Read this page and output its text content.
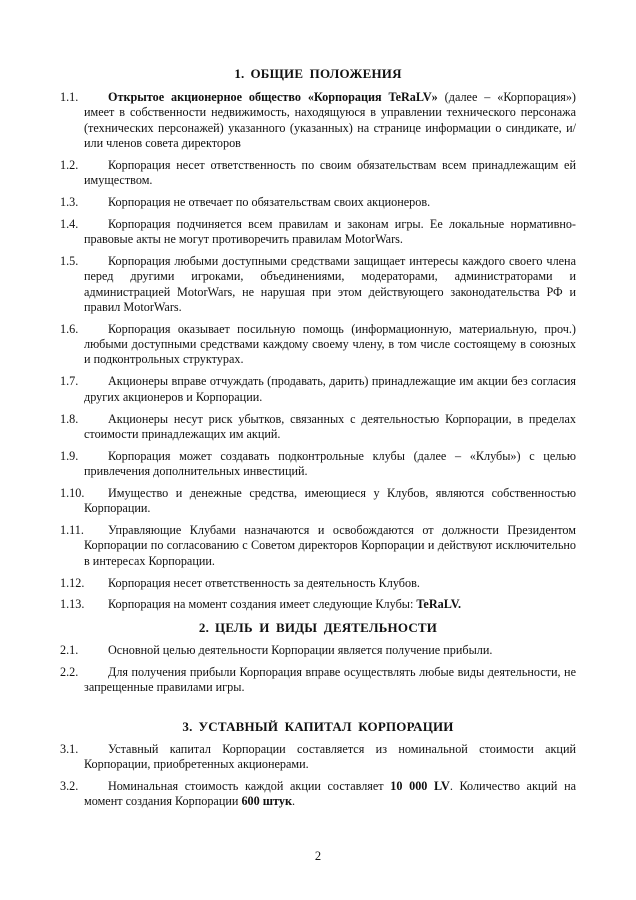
1. ОБЩИЕ ПОЛОЖЕНИЯ
1.1.	Открытое акционерное общество «Корпорация TeRaLV» (далее – «Корпорация») имеет в собственности недвижимость, находящуюся в управлении технического персонажа (технических персонажей) указанного (указанных) на странице информации о синдикате, и/или членов совета директоров
1.2.	Корпорация несет ответственность по своим обязательствам всем принадлежащим ей имуществом.
1.3.	Корпорация не отвечает по обязательствам своих акционеров.
1.4.	Корпорация подчиняется всем правилам и законам игры. Ее локальные нормативно-правовые акты не могут противоречить правилам MotorWars.
1.5.	Корпорация любыми доступными средствами защищает интересы каждого своего члена перед другими игроками, объединениями, модераторами, администраторами и администрацией MotorWars, не нарушая при этом действующего законодательства РФ и правил MotorWars.
1.6.	Корпорация оказывает посильную помощь (информационную, материальную, проч.) любыми доступными средствами каждому своему члену, в том числе состоящему в союзных и подконтрольных структурах.
1.7.	Акционеры вправе отчуждать (продавать, дарить) принадлежащие им акции без согласия других акционеров и Корпорации.
1.8.	Акционеры несут риск убытков, связанных с деятельностью Корпорации, в пределах стоимости принадлежащих им акций.
1.9.	Корпорация может создавать подконтрольные клубы (далее – «Клубы») с целью привлечения дополнительных инвестиций.
1.10.	Имущество и денежные средства, имеющиеся у Клубов, являются собственностью Корпорации.
1.11.	Управляющие Клубами назначаются и освобождаются от должности Президентом Корпорации по согласованию с Советом директоров Корпорации и действуют исключительно в интересах Корпорации.
1.12.	Корпорация несет ответственность за деятельность Клубов.
1.13.	Корпорация на момент создания имеет следующие Клубы: TeRaLV.
2. ЦЕЛЬ И ВИДЫ ДЕЯТЕЛЬНОСТИ
2.1.	Основной целью деятельности Корпорации является получение прибыли.
2.2.	Для получения прибыли Корпорация вправе осуществлять любые виды деятельности, не запрещенные правилами игры.
3. УСТАВНЫЙ КАПИТАЛ КОРПОРАЦИИ
3.1.	Уставный капитал Корпорации составляется из номинальной стоимости акций Корпорации, приобретенных акционерами.
3.2.	Номинальная стоимость каждой акции составляет 10 000 LV. Количество акций на момент создания Корпорации 600 штук.
2
